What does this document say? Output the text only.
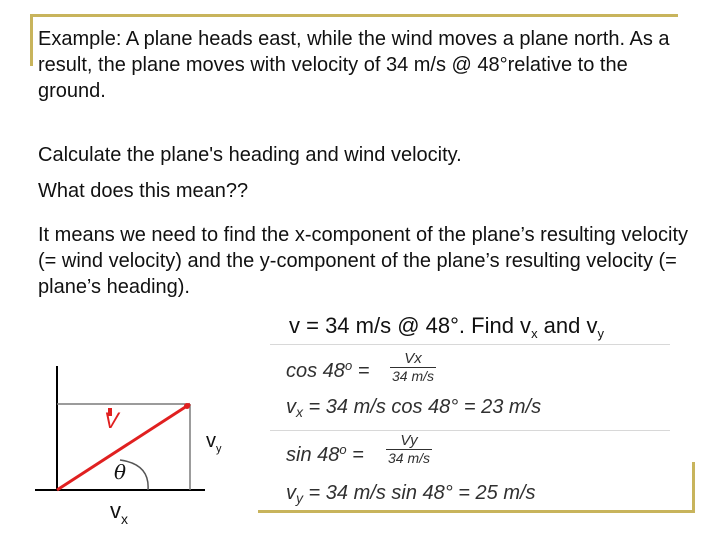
Example: A plane heads east, while the wind moves a plane north. As a result, the plane moves with velocity of 34 m/s @ 48°relative to the ground.

Calculate the plane's heading and wind velocity.

What does this mean??

It means we need to find the x-component of the plane’s resulting velocity (= wind velocity) and the y-component of the plane’s resulting velocity (= plane’s heading).

v = 34 m/s @ 48°. Find $v_x$ and $v_y$
$\cos 48^o = \frac{Vx}{34 m/s}$
$v_x = 34$ m/s cos 48° = 23 m/s
$\sin 48^o = \frac{Vy}{34 m/s}$
$v_y = 34$ m/s sin 48° = 25 m/s
V
θ
$v_y$
$v_x$
